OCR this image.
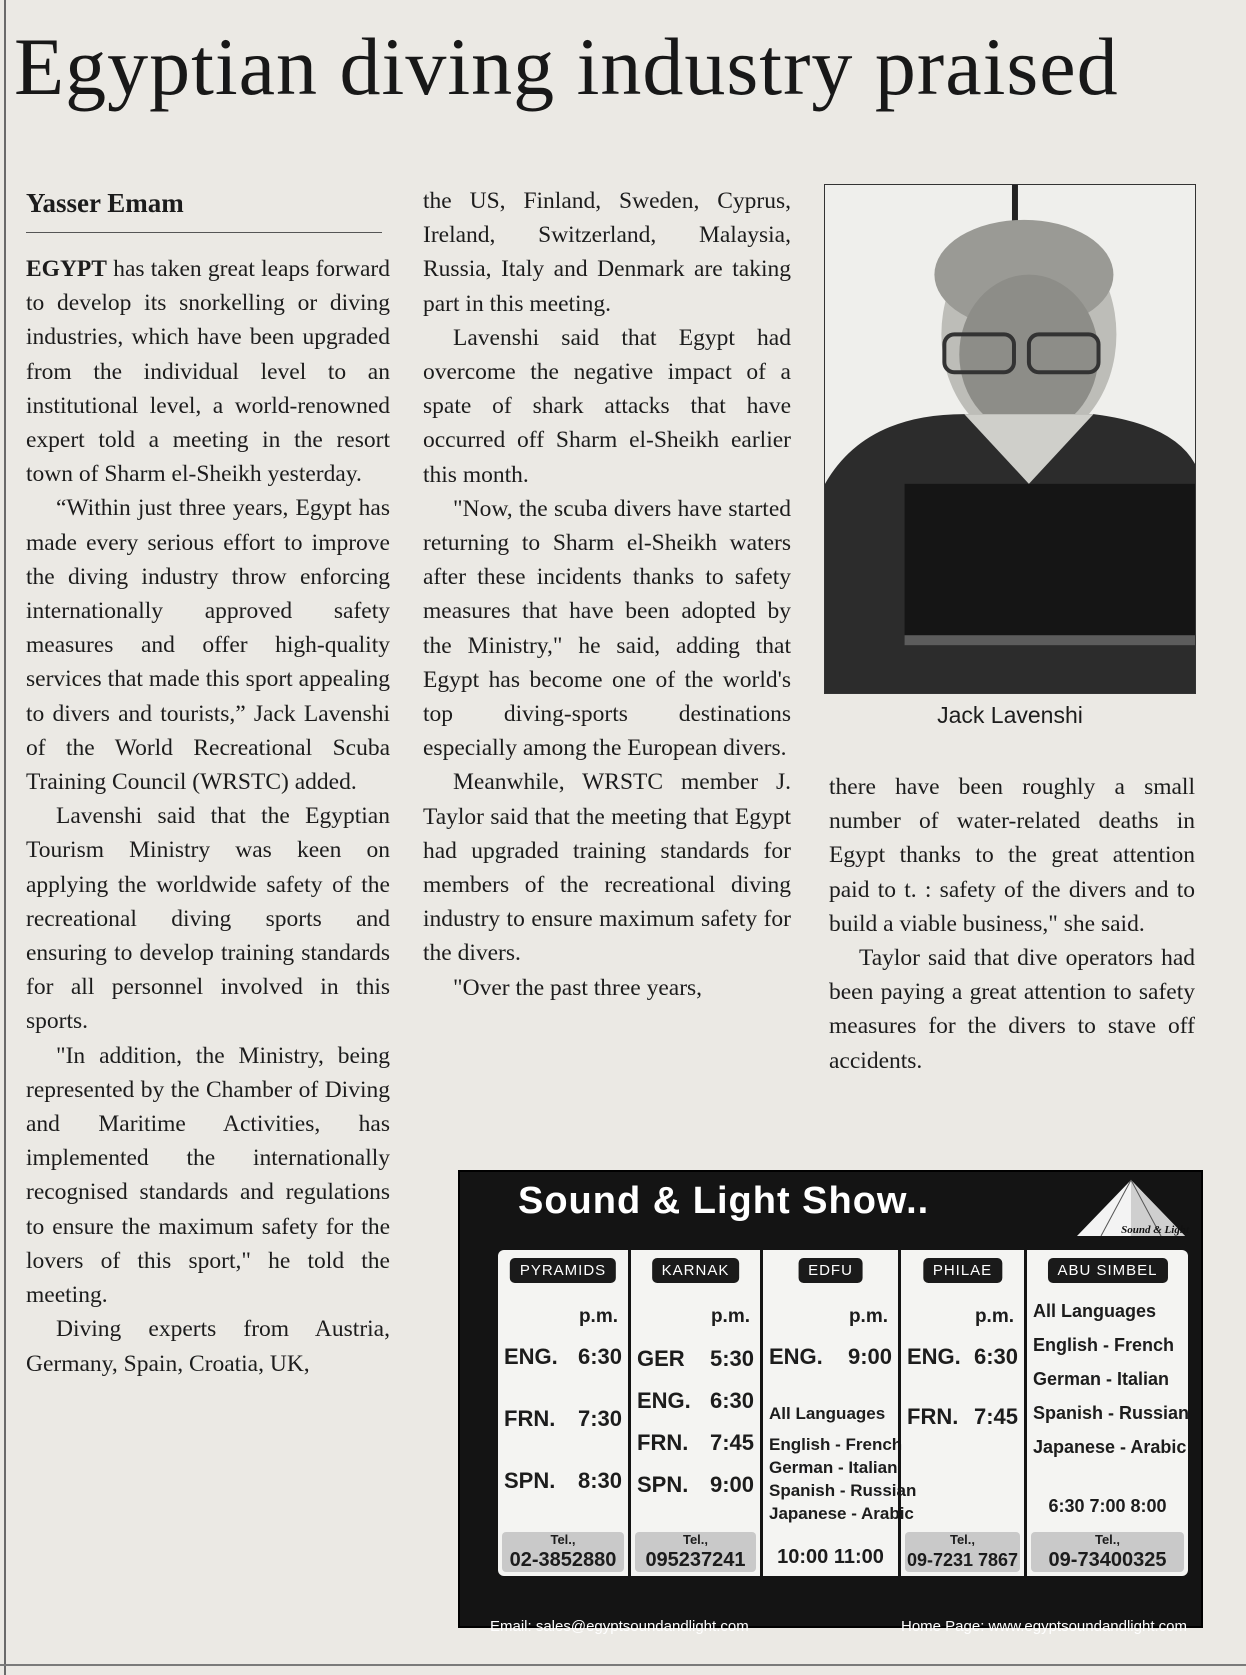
Egyptian diving industry praised
Yasser Emam

EGYPT has taken great leaps forward to develop its snorkelling or diving industries, which have been upgraded from the individual level to an institutional level, a world-renowned expert told a meeting in the resort town of Sharm el-Sheikh yesterday.

“Within just three years, Egypt has made every serious effort to improve the diving industry throw enforcing internationally approved safety measures and offer high-quality services that made this sport appealing to divers and tourists,” Jack Lavenshi of the World Recreational Scuba Training Council (WRSTC) added.

Lavenshi said that the Egyptian Tourism Ministry was keen on applying the worldwide safety of the recreational diving sports and ensuring to develop training standards for all personnel involved in this sports.

"In addition, the Ministry, being represented by the Chamber of Diving and Maritime Activities, has implemented the internationally recognised standards and regulations to ensure the maximum safety for the lovers of this sport," he told the meeting.

Diving experts from Austria, Germany, Spain, Croatia, UK,

the US, Finland, Sweden, Cyprus, Ireland, Switzerland, Malaysia, Russia, Italy and Denmark are taking part in this meeting.

Lavenshi said that Egypt had overcome the negative impact of a spate of shark attacks that have occurred off Sharm el-Sheikh earlier this month.

"Now, the scuba divers have started returning to Sharm el-Sheikh waters after these incidents thanks to safety measures that have been adopted by the Ministry," he said, adding that Egypt has become one of the world's top diving-sports destinations especially among the European divers.

Meanwhile, WRSTC member J. Taylor said that the meeting that Egypt had upgraded training standards for members of the recreational diving industry to ensure maximum safety for the divers.

"Over the past three years,

Jack Lavenshi

there have been roughly a small number of water-related deaths in Egypt thanks to the great attention paid to t. : safety of the divers and to build a viable business," she said.

Taylor said that dive operators had been paying a great attention to safety measures for the divers to stave off accidents.

Sound & Light Show..
Sound & Light
PYRAMIDS
p.m.
ENG. 6:30
FRN. 7:30
SPN. 8:30
Tel.,
02-3852880
KARNAK
p.m.
GER 5:30
ENG. 6:30
FRN. 7:45
SPN. 9:00
Tel.,
095237241
EDFU
p.m.
ENG. 9:00
All Languages
English - French
German - Italian
Spanish - Russian
Japanese - Arabic
10:00 11:00
PHILAE
p.m.
ENG. 6:30
FRN. 7:45
Tel.,
09-7231 7867
ABU SIMBEL
All Languages
English - French
German - Italian
Spanish - Russian
Japanese - Arabic
6:30 7:00 8:00
Tel.,
09-73400325
Email: sales@egyptsoundandlight.com	Home Page: www.egyptsoundandlight.com
